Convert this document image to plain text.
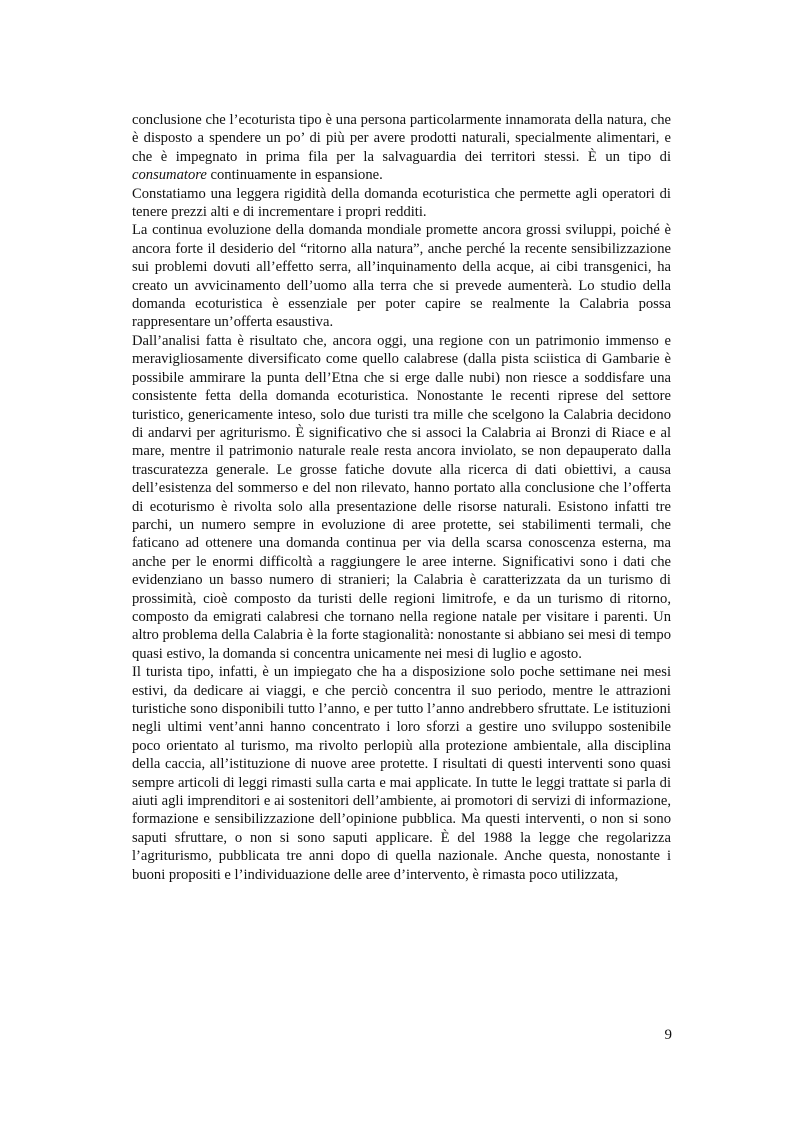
conclusione che l’ecoturista tipo è una persona particolarmente innamorata della natura, che è disposto a spendere un po’ di più per avere prodotti naturali, specialmente alimentari, e che è impegnato in prima fila per la salvaguardia dei territori stessi. È un tipo di consumatore continuamente in espansione.

Constatiamo una leggera rigidità della domanda ecoturistica che permette agli operatori di tenere prezzi alti e di incrementare i propri redditi.

La continua evoluzione della domanda mondiale promette ancora grossi sviluppi, poiché è ancora forte il desiderio del “ritorno alla natura”, anche perché la recente sensibilizzazione sui problemi dovuti all’effetto serra, all’inquinamento della acque, ai cibi transgenici, ha creato un avvicinamento dell’uomo alla terra che si prevede aumenterà. Lo studio della domanda ecoturistica è essenziale per poter capire se realmente la Calabria possa rappresentare un’offerta esaustiva.

Dall’analisi fatta è risultato che, ancora oggi, una regione con un patrimonio immenso e meravigliosamente diversificato come quello calabrese (dalla pista sciistica di Gambarie è possibile ammirare la punta dell’Etna che si erge dalle nubi) non riesce a soddisfare una consistente fetta della domanda ecoturistica. Nonostante le recenti riprese del settore turistico, genericamente inteso, solo due turisti tra mille che scelgono la Calabria decidono di andarvi per agriturismo. È significativo che si associ la Calabria ai Bronzi di Riace e al mare, mentre il patrimonio naturale reale resta ancora inviolato, se non depauperato dalla trascuratezza generale. Le grosse fatiche dovute alla ricerca di dati obiettivi, a causa dell’esistenza del sommerso e del non rilevato, hanno portato alla conclusione che l’offerta di ecoturismo è rivolta solo alla presentazione delle risorse naturali. Esistono infatti tre parchi, un numero sempre in evoluzione di aree protette, sei stabilimenti termali, che faticano ad ottenere una domanda continua per via della scarsa conoscenza esterna, ma anche per le enormi difficoltà a raggiungere le aree interne. Significativi sono i dati che evidenziano un basso numero di stranieri; la Calabria è caratterizzata da un turismo di prossimità, cioè composto da turisti delle regioni limitrofe, e da un turismo di ritorno, composto da emigrati calabresi che tornano nella regione natale per visitare i parenti. Un altro problema della Calabria è la forte stagionalità: nonostante si abbiano sei mesi di tempo quasi estivo, la domanda si concentra unicamente nei mesi di luglio e agosto.

Il turista tipo, infatti, è un impiegato che ha a disposizione solo poche settimane nei mesi estivi, da dedicare ai viaggi, e che perciò concentra il suo periodo, mentre le attrazioni turistiche sono disponibili tutto l’anno, e per tutto l’anno andrebbero sfruttate. Le istituzioni negli ultimi vent’anni hanno concentrato i loro sforzi a gestire uno sviluppo sostenibile poco orientato al turismo, ma rivolto perlopiù alla protezione ambientale, alla disciplina della caccia, all’istituzione di nuove aree protette. I risultati di questi interventi sono quasi sempre articoli di leggi rimasti sulla carta e mai applicate. In tutte le leggi trattate si parla di aiuti agli imprenditori e ai sostenitori dell’ambiente, ai promotori di servizi di informazione, formazione e sensibilizzazione dell’opinione pubblica. Ma questi interventi, o non si sono saputi sfruttare, o non si sono saputi applicare. È del 1988 la legge che regolarizza l’agriturismo, pubblicata tre anni dopo di quella nazionale. Anche questa, nonostante i buoni propositi e l’individuazione delle aree d’intervento, è rimasta poco utilizzata,

9
